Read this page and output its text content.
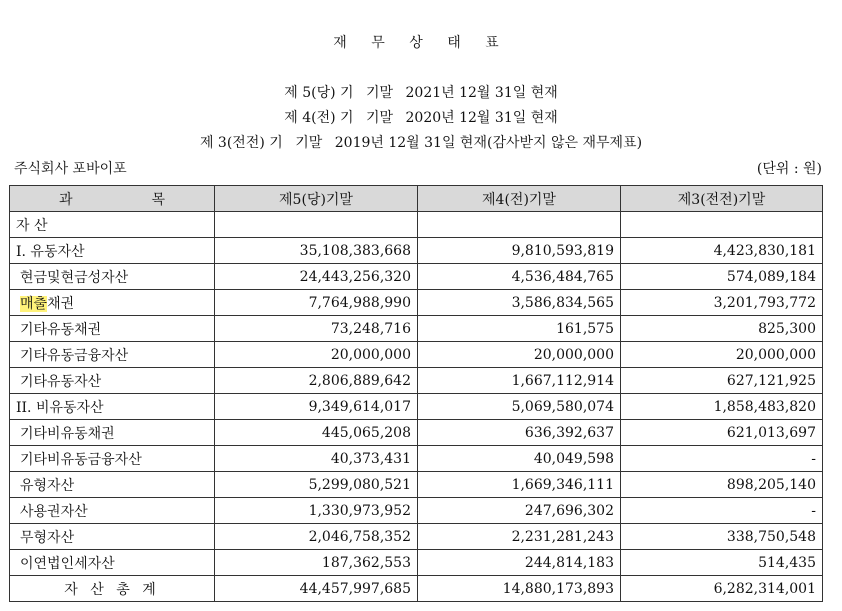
재 무 상 태 표
제 5(당) 기 기말 2021년 12월 31일 현재
제 4(전) 기 기말 2020년 12월 31일 현재
제 3(전전) 기 기말 2019년 12월 31일 현재(감사받지 않은 재무제표)
주식회사 포바이포	(단위 : 원)
과 목	제5(당)기말	제4(전)기말	제3(전전)기말
자 산			
I. 유동자산	35,108,383,668	9,810,593,819	4,423,830,181
현금및현금성자산	24,443,256,320	4,536,484,765	574,089,184
매출채권	7,764,988,990	3,586,834,565	3,201,793,772
기타유동채권	73,248,716	161,575	825,300
기타유동금융자산	20,000,000	20,000,000	20,000,000
기타유동자산	2,806,889,642	1,667,112,914	627,121,925
II. 비유동자산	9,349,614,017	5,069,580,074	1,858,483,820
기타비유동채권	445,065,208	636,392,637	621,013,697
기타비유동금융자산	40,373,431	40,049,598	-
유형자산	5,299,080,521	1,669,346,111	898,205,140
사용권자산	1,330,973,952	247,696,302	-
무형자산	2,046,758,352	2,231,281,243	338,750,548
이연법인세자산	187,362,553	244,814,183	514,435
자 산 총 계	44,457,997,685	14,880,173,893	6,282,314,001
